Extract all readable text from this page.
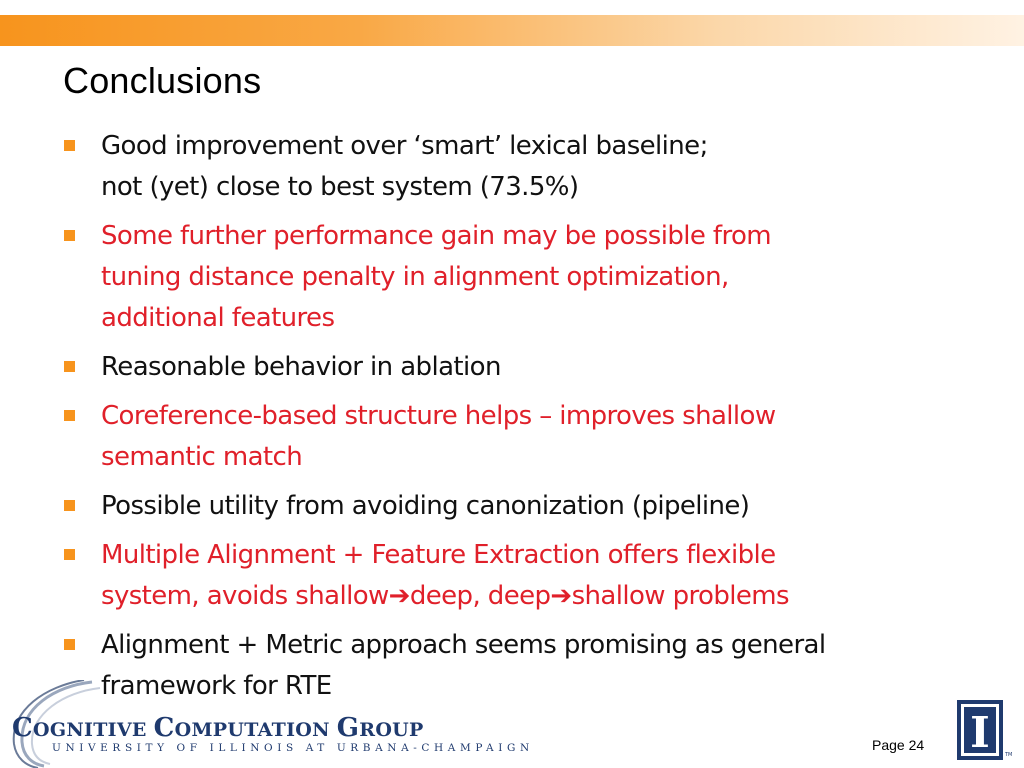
Conclusions
Good improvement over ‘smart’ lexical baseline;
not (yet) close to best system (73.5%)
Some further performance gain may be possible from
tuning distance penalty in alignment optimization,
additional features
Reasonable behavior in ablation
Coreference-based structure helps – improves shallow
semantic match
Possible utility from avoiding canonization (pipeline)
Multiple Alignment + Feature Extraction offers flexible
system, avoids shallow➔deep, deep➔shallow problems
Alignment + Metric approach seems promising as general
framework for RTE
COGNITIVE COMPUTATION GROUP
UNIVERSITY OF ILLINOIS AT URBANA-CHAMPAIGN	Page 24 I	TM
